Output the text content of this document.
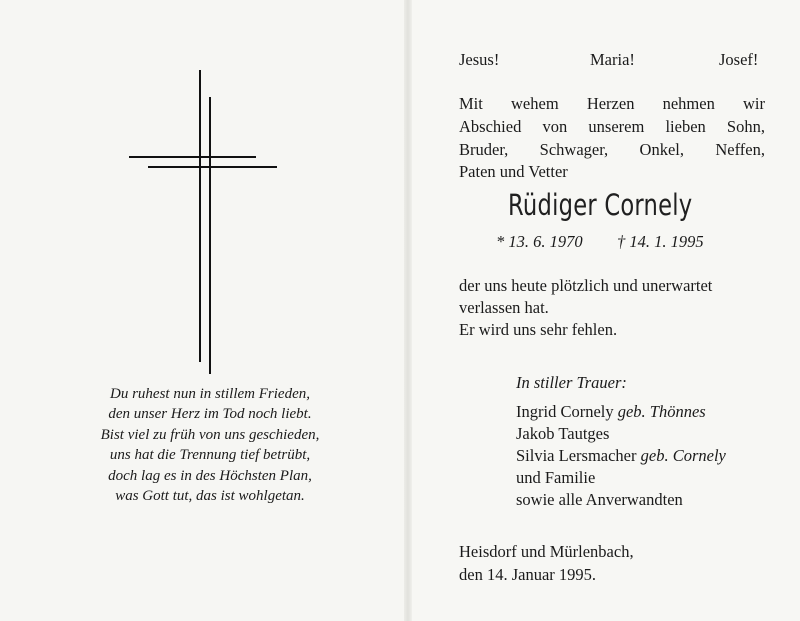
Du ruhest nun in stillem Frieden,
den unser Herz im Tod noch liebt.
Bist viel zu früh von uns geschieden,
uns hat die Trennung tief betrübt,
doch lag es in des Höchsten Plan,
was Gott tut, das ist wohlgetan.
Jesus!	Maria!	Josef!
Mit wehem Herzen nehmen wir
Abschied von unserem lieben Sohn,
Bruder, Schwager, Onkel, Neffen,
Paten und Vetter
Rüdiger Cornely
* 13. 6. 1970 † 14. 1. 1995
der uns heute plötzlich und unerwartet
verlassen hat.
Er wird uns sehr fehlen.
In stiller Trauer:
Ingrid Cornely geb. Thönnes
Jakob Tautges
Silvia Lersmacher geb. Cornely
und Familie
sowie alle Anverwandten
Heisdorf und Mürlenbach,
den 14. Januar 1995.
